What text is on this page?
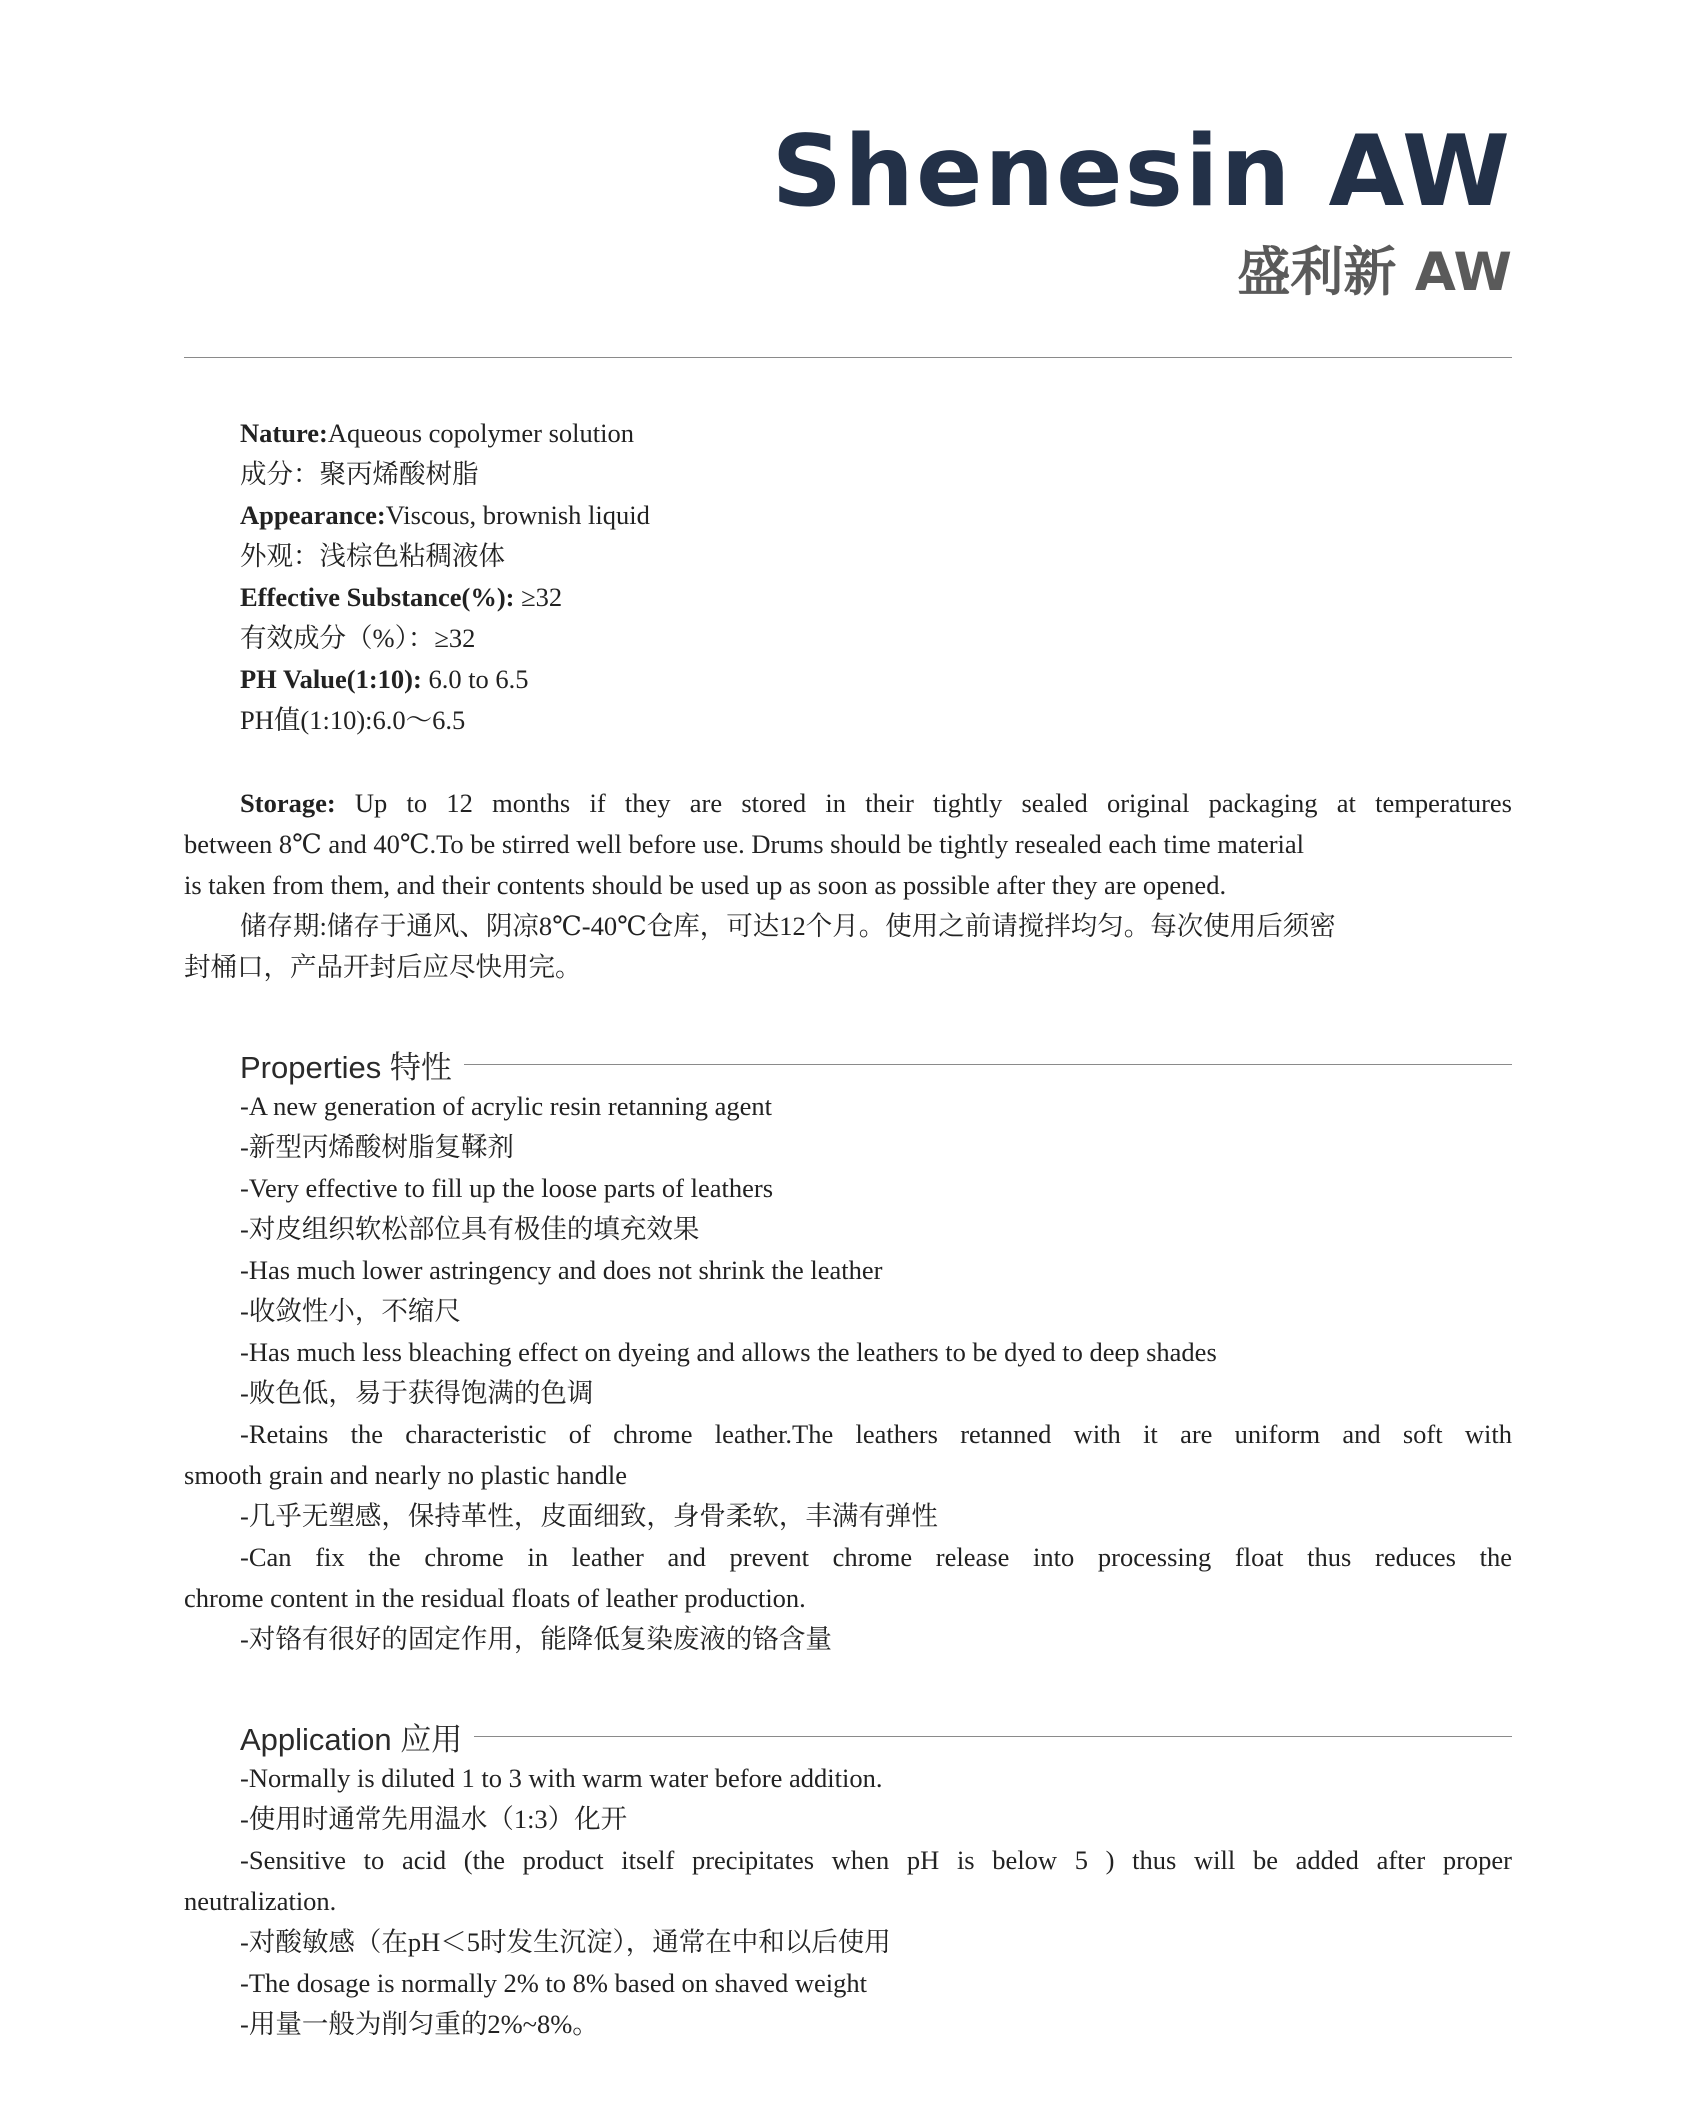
Shenesin AW
盛利新 AW
Nature:Aqueous copolymer solution
成分：聚丙烯酸树脂
Appearance:Viscous, brownish liquid
外观：浅棕色粘稠液体
Effective Substance(%): ≥32
有效成分（%）：≥32
PH Value(1:10): 6.0 to 6.5
PH值(1:10):6.0～6.5
Storage: Up to 12 months if they are stored in their tightly sealed original packaging at temperatures
between 8℃ and 40℃.To be stirred well before use. Drums should be tightly resealed each time material
is taken from them, and their contents should be used up as soon as possible after they are opened.
储存期:储存于通风、阴凉8℃-40℃仓库，可达12个月。使用之前请搅拌均匀。每次使用后须密
封桶口，产品开封后应尽快用完。
Properties 特性
-A new generation of acrylic resin retanning agent
-新型丙烯酸树脂复鞣剂
-Very effective to fill up the loose parts of leathers
-对皮组织软松部位具有极佳的填充效果
-Has much lower astringency and does not shrink the leather
-收敛性小，不缩尺
-Has much less bleaching effect on dyeing and allows the leathers to be dyed to deep shades
-败色低，易于获得饱满的色调
-Retains the characteristic of chrome leather.The leathers retanned with it are uniform and soft with
smooth grain and nearly no plastic handle
-几乎无塑感，保持革性，皮面细致，身骨柔软，丰满有弹性
-Can fix the chrome in leather and prevent chrome release into processing float thus reduces the
chrome content in the residual floats of leather production.
-对铬有很好的固定作用，能降低复染废液的铬含量
Application 应用
-Normally is diluted 1 to 3 with warm water before addition.
-使用时通常先用温水（1:3）化开
-Sensitive to acid (the product itself precipitates when pH is below 5 ) thus will be added after proper
neutralization.
-对酸敏感（在pH＜5时发生沉淀），通常在中和以后使用
-The dosage is normally 2% to 8% based on shaved weight
-用量一般为削匀重的2%~8%。
